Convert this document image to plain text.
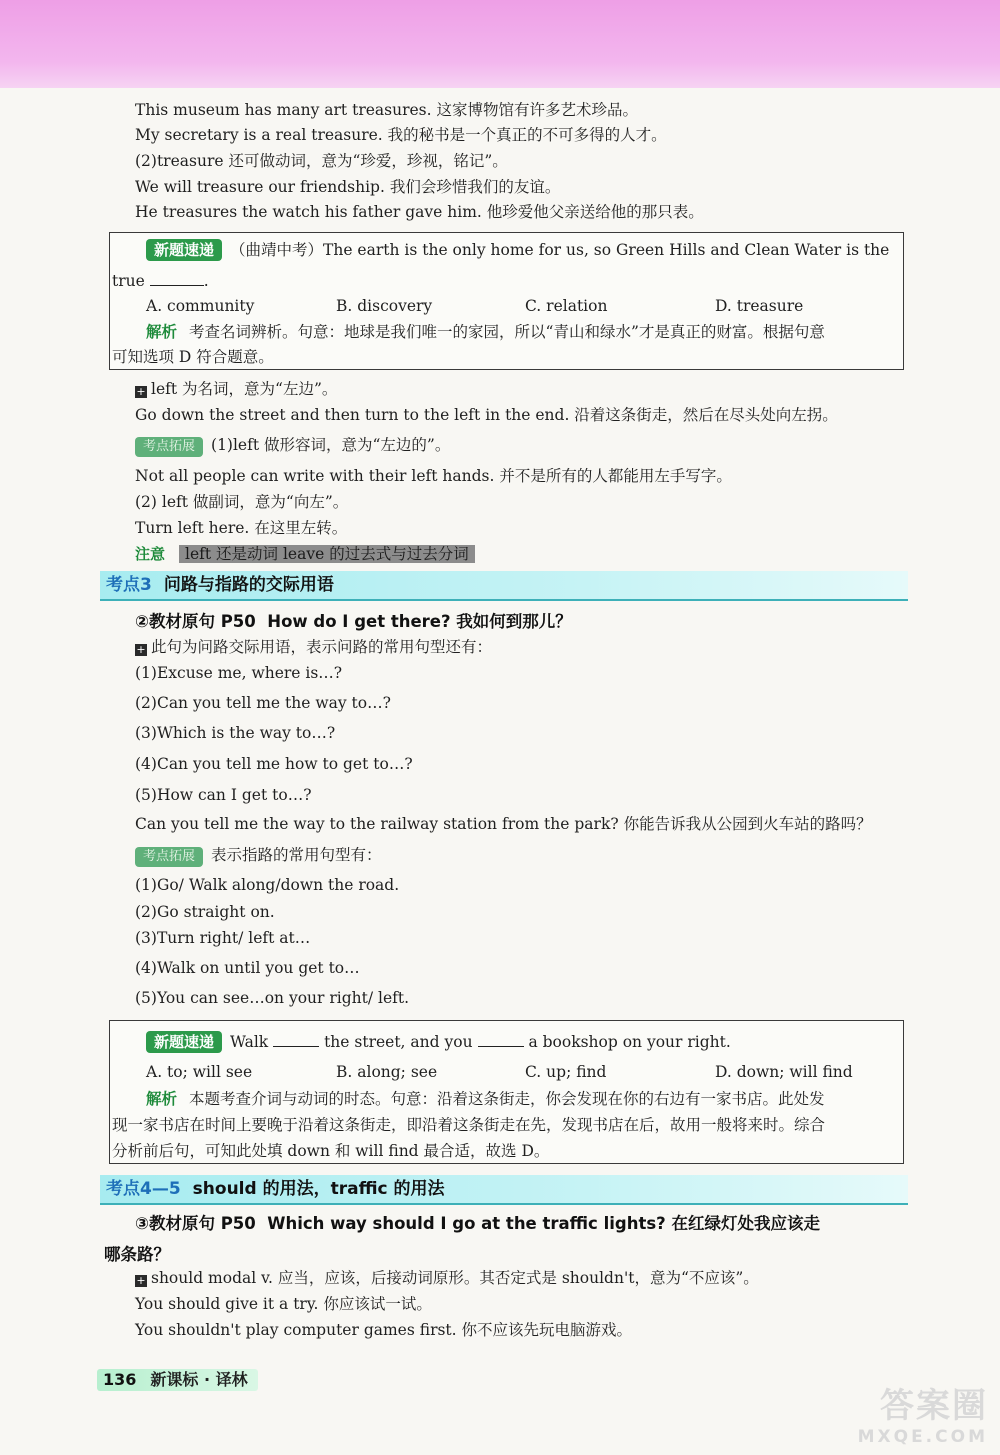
This museum has many art treasures. 这家博物馆有许多艺术珍品。
My secretary is a real treasure. 我的秘书是一个真正的不可多得的人才。
(2)treasure 还可做动词，意为“珍爱，珍视，铭记”。
We will treasure our friendship. 我们会珍惜我们的友谊。
He treasures the watch his father gave him. 他珍爱他父亲送给他的那只表。
新题速递 （曲靖中考）The earth is the only home for us, so Green Hills and Clean Water is the
true	.
A. community	B. discovery	C. relation	D. treasure
解析 考查名词辨析。句意：地球是我们唯一的家园，所以“青山和绿水”才是真正的财富。根据句意
可知选项 D 符合题意。
+ left 为名词，意为“左边”。
Go down the street and then turn to the left in the end. 沿着这条街走，然后在尽头处向左拐。
考点拓展 (1)left 做形容词，意为“左边的”。
Not all people can write with their left hands. 并不是所有的人都能用左手写字。
(2) left 做副词，意为“向左”。
Turn left here. 在这里左转。
注意 left 还是动词 leave 的过去式与过去分词
考点3 问路与指路的交际用语
②教材原句 P50 How do I get there? 我如何到那儿？
+ 此句为问路交际用语，表示问路的常用句型还有：
(1)Excuse me, where is…?
(2)Can you tell me the way to…?
(3)Which is the way to…?
(4)Can you tell me how to get to…?
(5)How can I get to…?
Can you tell me the way to the railway station from the park? 你能告诉我从公园到火车站的路吗？
考点拓展 表示指路的常用句型有：
(1)Go/ Walk along/down the road.
(2)Go straight on.
(3)Turn right/ left at…
(4)Walk on until you get to…
(5)You can see…on your right/ left.
新题速递 Walk	the street, and you	a bookshop on your right.
A. to; will see	B. along; see	C. up; find	D. down; will find
解析 本题考查介词与动词的时态。句意：沿着这条街走，你会发现在你的右边有一家书店。此处发
现一家书店在时间上要晚于沿着这条街走，即沿着这条街走在先，发现书店在后，故用一般将来时。综合
分析前后句，可知此处填 down 和 will find 最合适，故选 D。
考点4—5 should 的用法，traffic 的用法
③教材原句 P50 Which way should I go at the traffic lights? 在红绿灯处我应该走
哪条路？
+ should modal v. 应当，应该，后接动词原形。其否定式是 shouldn't，意为“不应该”。
You should give it a try. 你应该试一试。
You shouldn't play computer games first. 你不应该先玩电脑游戏。
136 新课标 · 译林
答案圈
MXQE.COM
